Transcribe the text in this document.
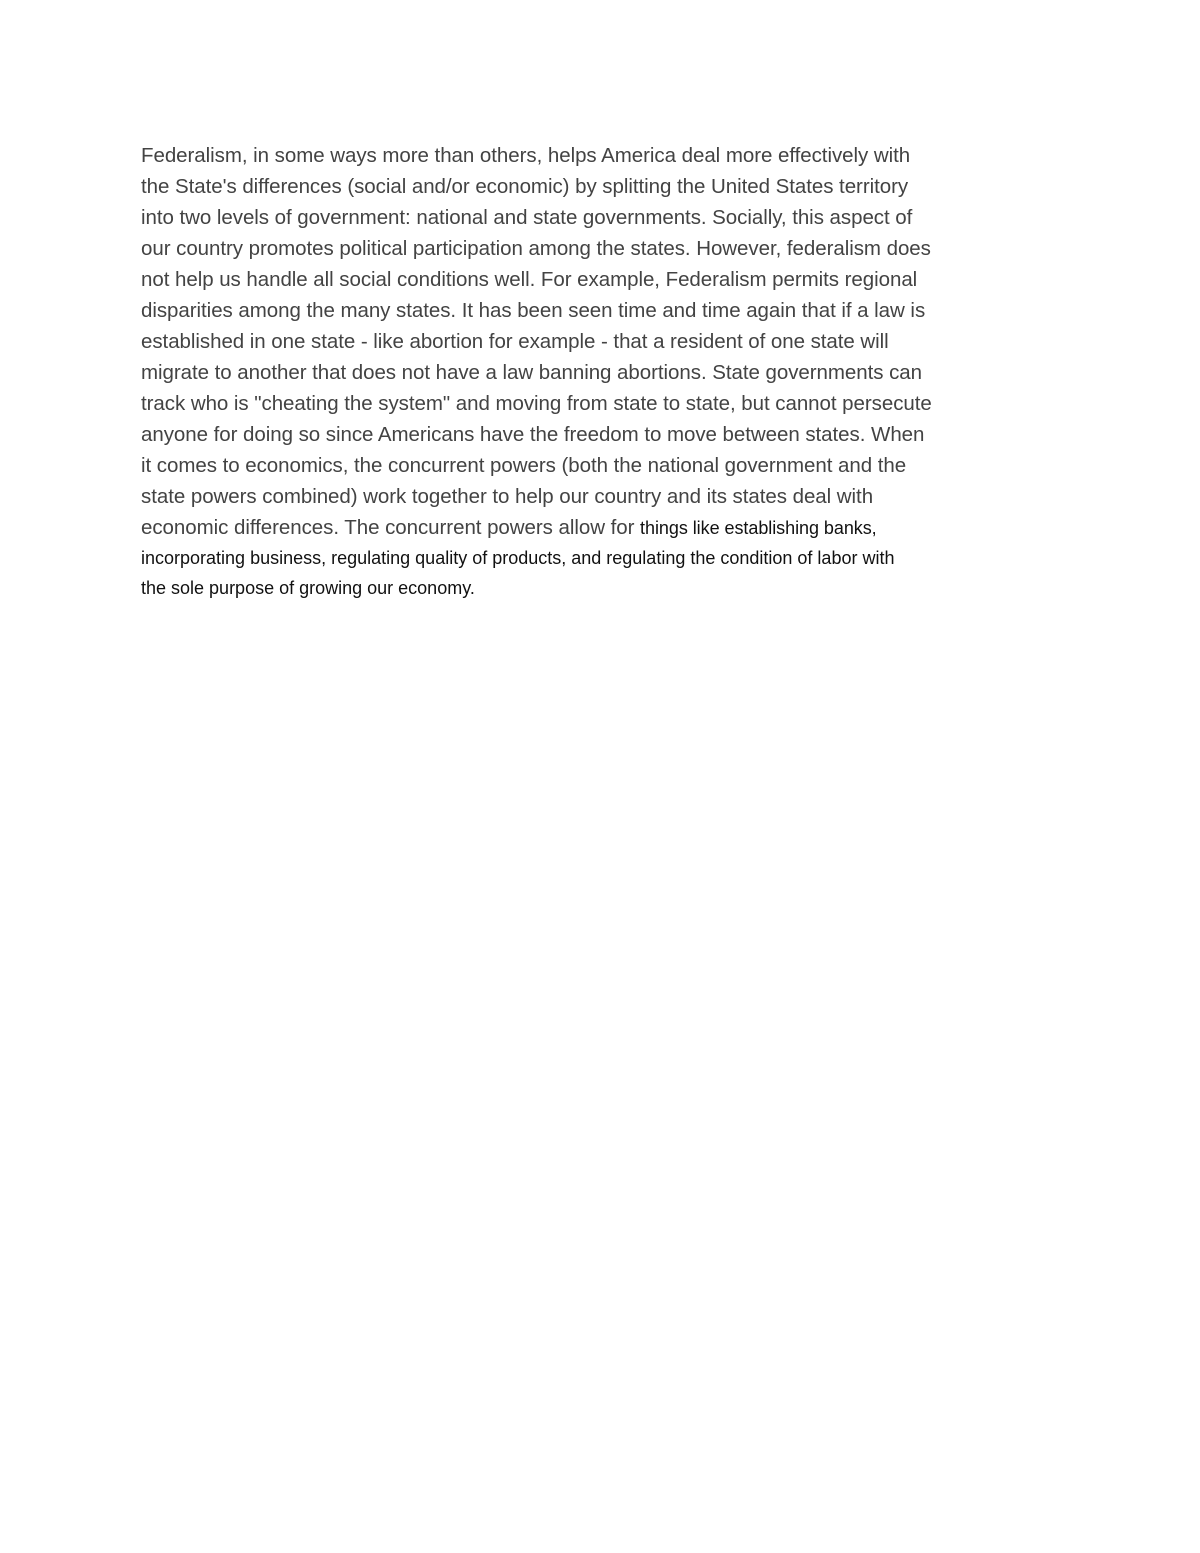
Federalism, in some ways more than others, helps America deal more effectively with
the State's differences (social and/or economic) by splitting the United States territory
into two levels of government: national and state governments. Socially, this aspect of
our country promotes political participation among the states. However, federalism does
not help us handle all social conditions well. For example, Federalism permits regional
disparities among the many states. It has been seen time and time again that if a law is
established in one state - like abortion for example - that a resident of one state will
migrate to another that does not have a law banning abortions. State governments can
track who is "cheating the system" and moving from state to state, but cannot persecute
anyone for doing so since Americans have the freedom to move between states. When
it comes to economics, the concurrent powers (both the national government and the
state powers combined) work together to help our country and its states deal with
economic differences. The concurrent powers allow for things like establishing banks,
incorporating business, regulating quality of products, and regulating the condition of labor with
the sole purpose of growing our economy.
